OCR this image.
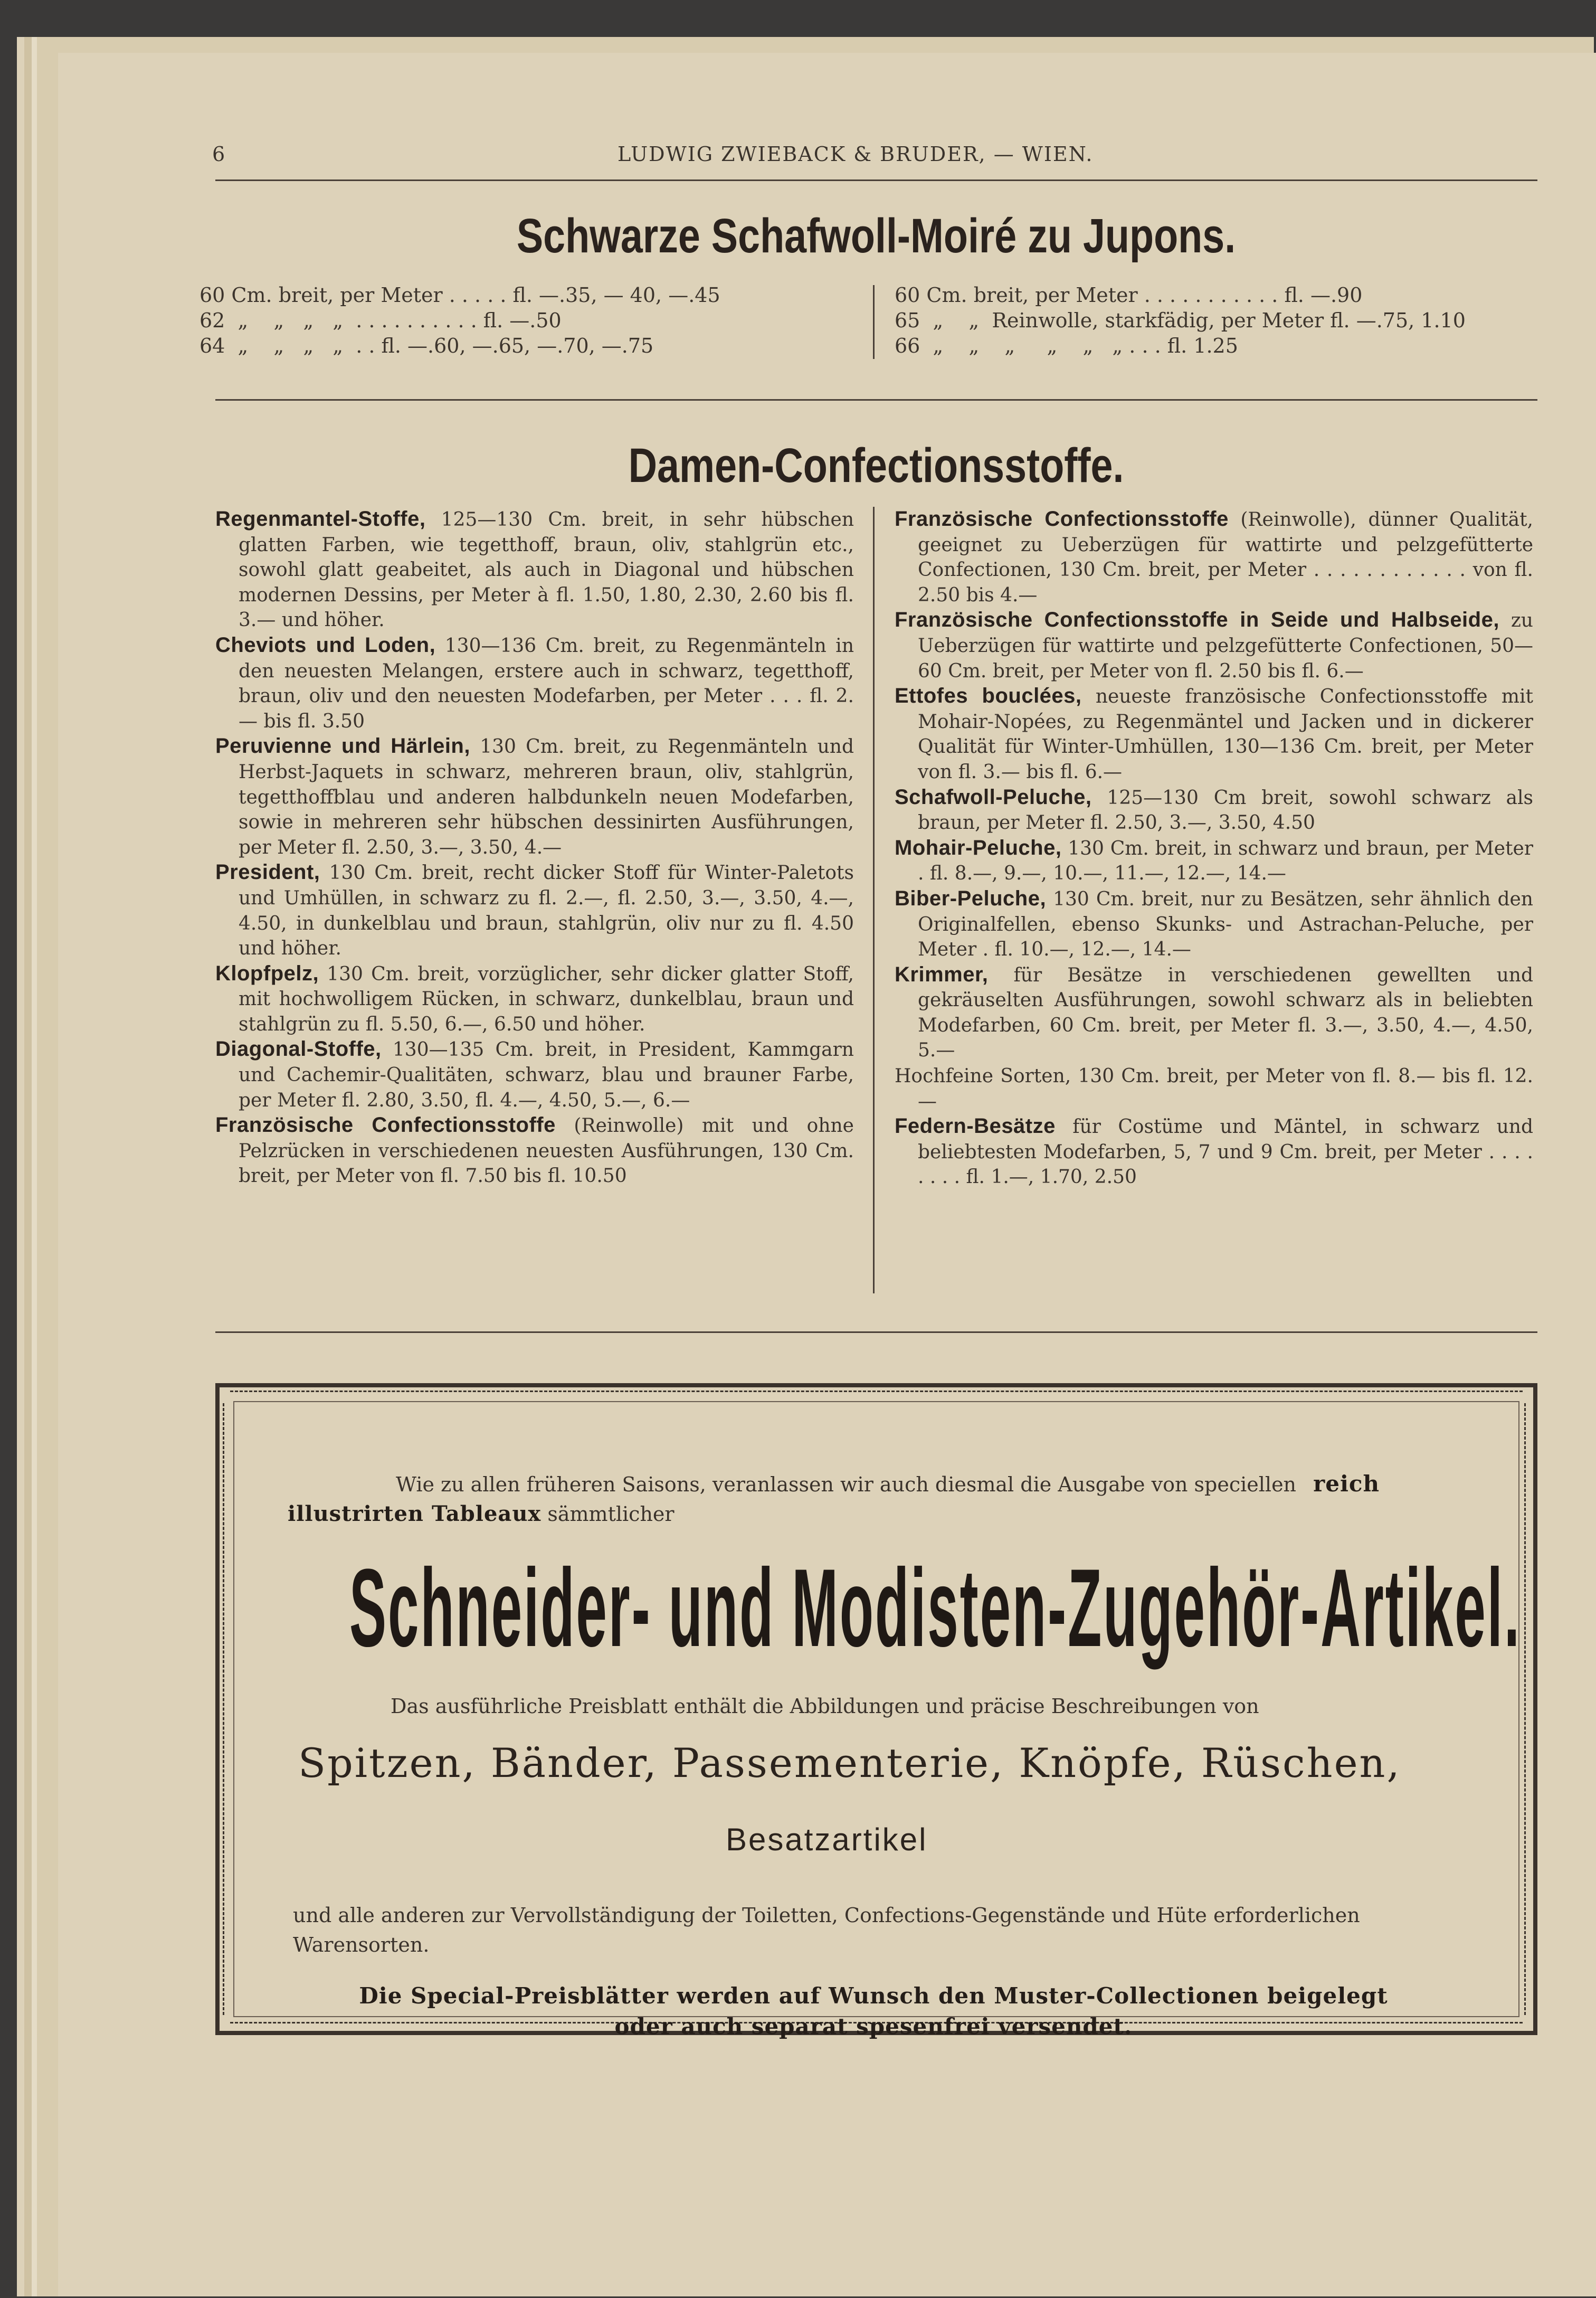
6	LUDWIG ZWIEBACK & BRUDER, — WIEN.
Schwarze Schafwoll-Moiré zu Jupons.
60 Cm. breit, per Meter . . . . . fl. —.35, — 40, —.45
62  „    „   „   „  . . . . . . . . . . fl. —.50
64  „    „   „   „  . . fl. —.60, —.65, —.70, —.75
60 Cm. breit, per Meter . . . . . . . . . . . fl. —.90
65  „    „  Reinwolle, starkfädig, per Meter fl. —.75, 1.10
66  „    „    „     „    „   „ . . . fl. 1.25
Damen-Confectionsstoffe.

Regenmantel-Stoffe, 125—130 Cm. breit, in sehr hübschen glatten Farben, wie tegetthoff, braun, oliv, stahlgrün etc., sowohl glatt geabeitet, als auch in Diagonal und hübschen modernen Dessins, per Meter à fl. 1.50, 1.80, 2.30, 2.60 bis fl. 3.— und höher.

Cheviots und Loden, 130—136 Cm. breit, zu Regenmänteln in den neuesten Melangen, erstere auch in schwarz, tegetthoff, braun, oliv und den neuesten Modefarben, per Meter . . . fl. 2.— bis fl. 3.50

Peruvienne und Härlein, 130 Cm. breit, zu Regenmänteln und Herbst-Jaquets in schwarz, mehreren braun, oliv, stahlgrün, tegetthoffblau und anderen halbdunkeln neuen Modefarben, sowie in mehreren sehr hübschen dessinirten Ausführungen, per Meter fl. 2.50, 3.—, 3.50, 4.—

President, 130 Cm. breit, recht dicker Stoff für Winter-Paletots und Umhüllen, in schwarz zu fl. 2.—, fl. 2.50, 3.—, 3.50, 4.—, 4.50, in dunkelblau und braun, stahlgrün, oliv nur zu fl. 4.50 und höher.

Klopfpelz, 130 Cm. breit, vorzüglicher, sehr dicker glatter Stoff, mit hochwolligem Rücken, in schwarz, dunkelblau, braun und stahlgrün zu fl. 5.50, 6.—, 6.50 und höher.

Diagonal-Stoffe, 130—135 Cm. breit, in President, Kammgarn und Cachemir-Qualitäten, schwarz, blau und brauner Farbe, per Meter fl. 2.80, 3.50, fl. 4.—, 4.50, 5.—, 6.—

Französische Confectionsstoffe (Reinwolle) mit und ohne Pelzrücken in verschiedenen neuesten Ausführungen, 130 Cm. breit, per Meter von fl. 7.50 bis fl. 10.50

Französische Confectionsstoffe (Reinwolle), dünner Qualität, geeignet zu Ueberzügen für wattirte und pelzgefütterte Confectionen, 130 Cm. breit, per Meter . . . . . . . . . . . . von fl. 2.50 bis 4.—

Französische Confectionsstoffe in Seide und Halbseide, zu Ueberzügen für wattirte und pelzgefütterte Confectionen, 50—60 Cm. breit, per Meter von fl. 2.50 bis fl. 6.—

Ettofes bouclées, neueste französische Confectionsstoffe mit Mohair-Nopées, zu Regenmäntel und Jacken und in dickerer Qualität für Winter-Umhüllen, 130—136 Cm. breit, per Meter von fl. 3.— bis fl. 6.—

Schafwoll-Peluche, 125—130 Cm breit, sowohl schwarz als braun, per Meter fl. 2.50, 3.—, 3.50, 4.50

Mohair-Peluche, 130 Cm. breit, in schwarz und braun, per Meter . fl. 8.—, 9.—, 10.—, 11.—, 12.—, 14.—

Biber-Peluche, 130 Cm. breit, nur zu Besätzen, sehr ähnlich den Originalfellen, ebenso Skunks- und Astrachan-Peluche, per Meter . fl. 10.—, 12.—, 14.—

Krimmer, für Besätze in verschiedenen gewellten und gekräuselten Ausführungen, sowohl schwarz als in beliebten Modefarben, 60 Cm. breit, per Meter fl. 3.—, 3.50, 4.—, 4.50, 5.—

Hochfeine Sorten, 130 Cm. breit, per Meter von fl. 8.— bis fl. 12.—

Federn-Besätze für Costüme und Mäntel, in schwarz und beliebtesten Modefarben, 5, 7 und 9 Cm. breit, per Meter . . . . . . . . fl. 1.—, 1.70, 2.50

Wie zu allen früheren Saisons, veranlassen wir auch diesmal die Ausgabe von speciellen reich
illustrirten Tableaux sämmtlicher
Schneider- und Modisten-Zugehör-Artikel.
Das ausführliche Preisblatt enthält die Abbildungen und präcise Beschreibungen von
Spitzen, Bänder, Passementerie, Knöpfe, Rüschen,
Besatzartikel
und alle anderen zur Vervollständigung der Toiletten, Confections-Gegenstände und Hüte erforderlichen
Warensorten.
Die Special-Preisblätter werden auf Wunsch den Muster-Collectionen beigelegt
oder auch separat spesenfrei versendet.
